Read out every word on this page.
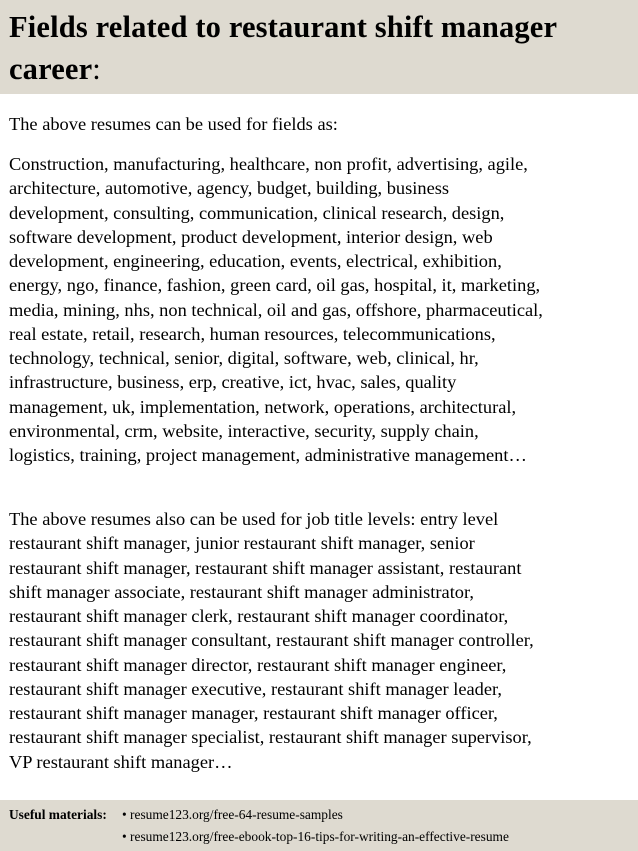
Fields related to restaurant shift manager career:

The above resumes can be used for fields as:

Construction, manufacturing, healthcare, non profit, advertising, agile,
architecture, automotive, agency, budget, building, business
development, consulting, communication, clinical research, design,
software development, product development, interior design, web
development, engineering, education, events, electrical, exhibition,
energy, ngo, finance, fashion, green card, oil gas, hospital, it, marketing,
media, mining, nhs, non technical, oil and gas, offshore, pharmaceutical,
real estate, retail, research, human resources, telecommunications,
technology, technical, senior, digital, software, web, clinical, hr,
infrastructure, business, erp, creative, ict, hvac, sales, quality
management, uk, implementation, network, operations, architectural,
environmental, crm, website, interactive, security, supply chain,
logistics, training, project management, administrative management…

The above resumes also can be used for job title levels: entry level
restaurant shift manager, junior restaurant shift manager, senior
restaurant shift manager, restaurant shift manager assistant, restaurant
shift manager associate, restaurant shift manager administrator,
restaurant shift manager clerk, restaurant shift manager coordinator,
restaurant shift manager consultant, restaurant shift manager controller,
restaurant shift manager director, restaurant shift manager engineer,
restaurant shift manager executive, restaurant shift manager leader,
restaurant shift manager manager, restaurant shift manager officer,
restaurant shift manager specialist, restaurant shift manager supervisor,
VP restaurant shift manager…

Useful materials: • resume123.org/free-64-resume-samples
• resume123.org/free-ebook-top-16-tips-for-writing-an-effective-resume
